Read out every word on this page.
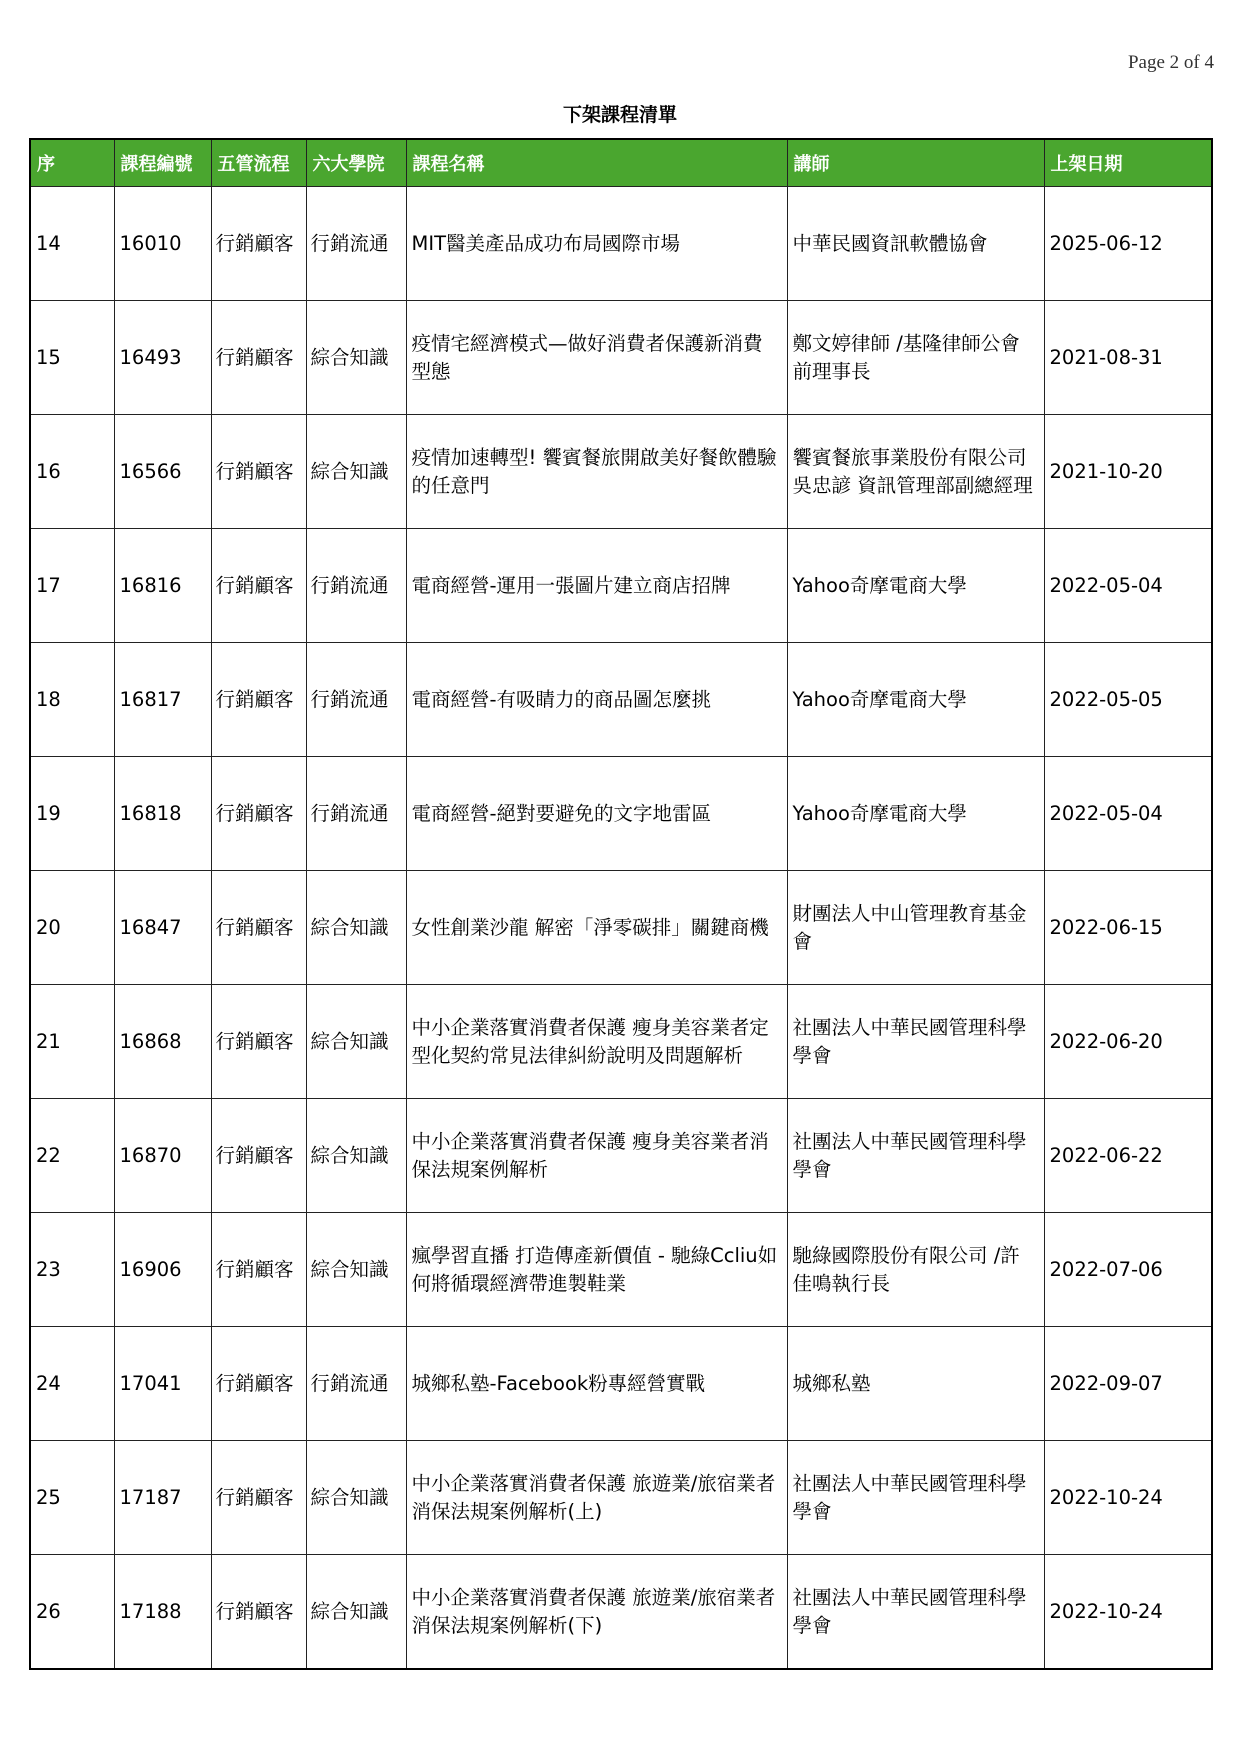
Page 2 of 4
下架課程清單
序	課程編號	五管流程	六大學院	課程名稱	講師	上架日期
14	16010	行銷顧客	行銷流通	MIT醫美產品成功布局國際市場	中華民國資訊軟體協會	2025-06-12
15	16493	行銷顧客	綜合知識	疫情宅經濟模式—做好消費者保護新消費型態	鄭文婷律師 /基隆律師公會前理事長	2021-08-31
16	16566	行銷顧客	綜合知識	疫情加速轉型! 饗賓餐旅開啟美好餐飲體驗的任意門	饗賓餐旅事業股份有限公司 吳忠諺 資訊管理部副總經理	2021-10-20
17	16816	行銷顧客	行銷流通	電商經營-運用一張圖片建立商店招牌	Yahoo奇摩電商大學	2022-05-04
18	16817	行銷顧客	行銷流通	電商經營-有吸睛力的商品圖怎麼挑	Yahoo奇摩電商大學	2022-05-05
19	16818	行銷顧客	行銷流通	電商經營-絕對要避免的文字地雷區	Yahoo奇摩電商大學	2022-05-04
20	16847	行銷顧客	綜合知識	女性創業沙龍 解密「淨零碳排」關鍵商機	財團法人中山管理教育基金會	2022-06-15
21	16868	行銷顧客	綜合知識	中小企業落實消費者保護 瘦身美容業者定型化契約常見法律糾紛說明及問題解析	社團法人中華民國管理科學學會	2022-06-20
22	16870	行銷顧客	綜合知識	中小企業落實消費者保護 瘦身美容業者消保法規案例解析	社團法人中華民國管理科學學會	2022-06-22
23	16906	行銷顧客	綜合知識	瘋學習直播 打造傳產新價值 - 馳綠Ccliu如何將循環經濟帶進製鞋業	馳綠國際股份有限公司 /許佳鳴執行長	2022-07-06
24	17041	行銷顧客	行銷流通	城鄉私塾-Facebook粉專經營實戰	城鄉私塾	2022-09-07
25	17187	行銷顧客	綜合知識	中小企業落實消費者保護 旅遊業/旅宿業者消保法規案例解析(上)	社團法人中華民國管理科學學會	2022-10-24
26	17188	行銷顧客	綜合知識	中小企業落實消費者保護 旅遊業/旅宿業者消保法規案例解析(下)	社團法人中華民國管理科學學會	2022-10-24
